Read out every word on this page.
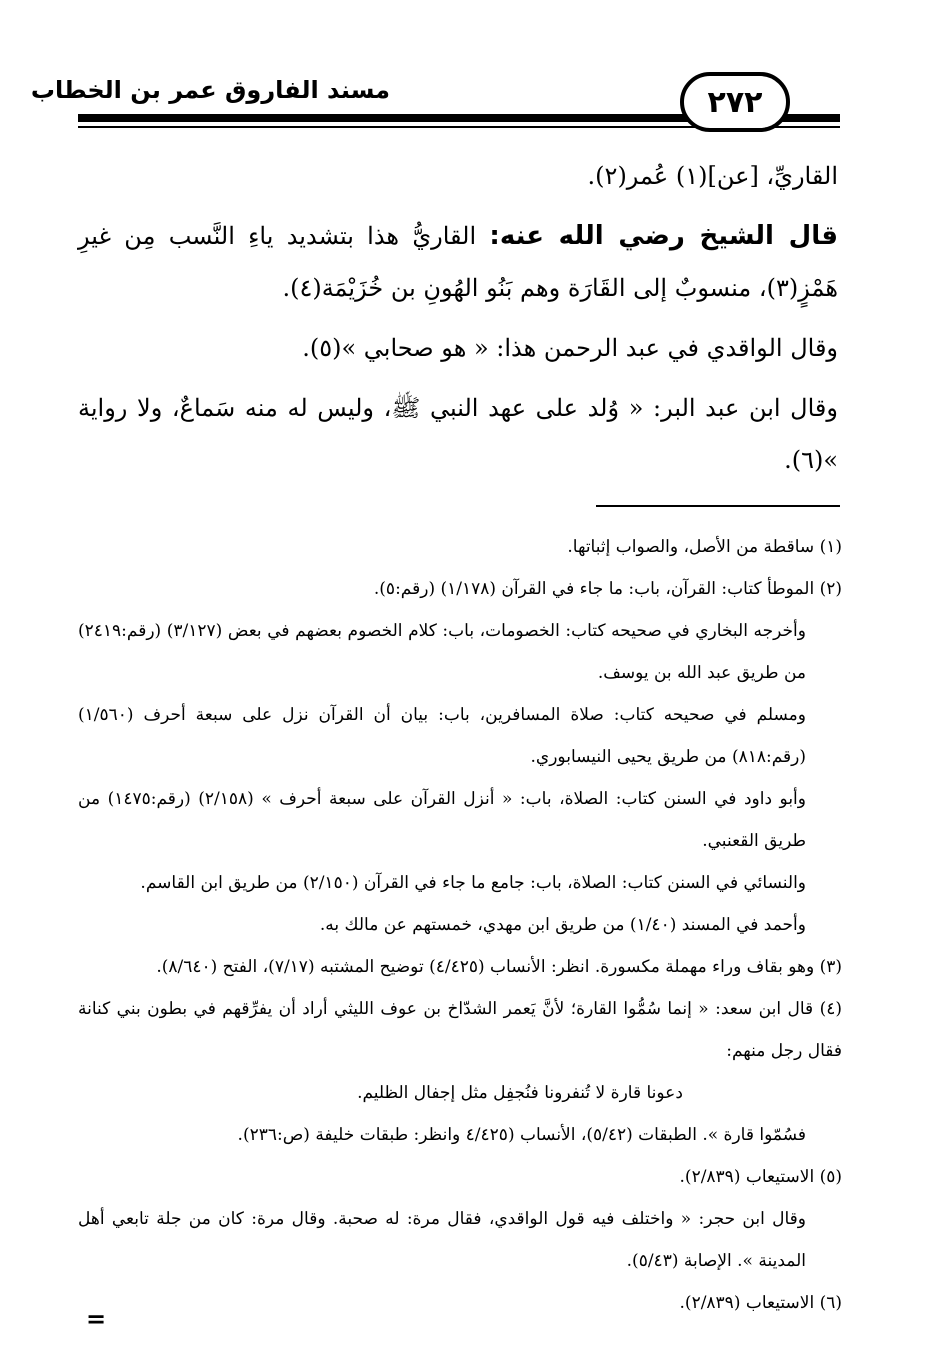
مسند الفاروق عمر بن الخطاب	٢٧٢

القاريِّ، [عن](١) عُمر(٢).

قال الشيخ رضي الله عنه: القاريُّ هذا بتشديد ياءِ النَّسب مِن غيرِ هَمْزٍ(٣)، منسوبٌ إلى القَارَة وهم بَنُو الهُونِ بن خُزَيْمَة(٤).

وقال الواقدي في عبد الرحمن هذا: « هو صحابي »(٥).

وقال ابن عبد البر: « وُلد على عهد النبي ﷺ، وليس له منه سَماعٌ، ولا رواية »(٦).

(١) ساقطة من الأصل، والصواب إثباتها.

(٢) الموطأ كتاب: القرآن، باب: ما جاء في القرآن (١/١٧٨) (رقم:٥).

وأخرجه البخاري في صحيحه كتاب: الخصومات، باب: كلام الخصوم بعضهم في بعض (٣/١٢٧) (رقم:٢٤١٩) من طريق عبد الله بن يوسف.

ومسلم في صحيحه كتاب: صلاة المسافرين، باب: بيان أن القرآن نزل على سبعة أحرف (١/٥٦٠) (رقم:٨١٨) من طريق يحيى النيسابوري.

وأبو داود في السنن كتاب: الصلاة، باب: « أنزل القرآن على سبعة أحرف » (٢/١٥٨) (رقم:١٤٧٥) من طريق القعنبي.

والنسائي في السنن كتاب: الصلاة، باب: جامع ما جاء في القرآن (٢/١٥٠) من طريق ابن القاسم.

وأحمد في المسند (١/٤٠) من طريق ابن مهدي، خمستهم عن مالك به.

(٣) وهو بقاف وراء مهملة مكسورة. انظر: الأنساب (٤/٤٢٥) توضيح المشتبه (٧/١٧)، الفتح (٨/٦٤٠).

(٤) قال ابن سعد: « إنما سُمُّوا القارة؛ لأنَّ يَعمر الشدّاخ بن عوف الليثي أراد أن يفرِّقهم في بطون بني كنانة فقال رجل منهم:

دعونا قارة لا تُنفرونا فنُجفِل مثل إجفال الظليم.

فسُمّوا قارة ». الطبقات (٥/٤٢)، الأنساب (٤/٤٢٥ وانظر: طبقات خليفة (ص:٢٣٦).

(٥) الاستيعاب (٢/٨٣٩).

وقال ابن حجر: « واختلف فيه قول الواقدي، فقال مرة: له صحبة. وقال مرة: كان من جلة تابعي أهل المدينة ». الإصابة (٥/٤٣).

(٦) الاستيعاب (٢/٨٣٩).

=
